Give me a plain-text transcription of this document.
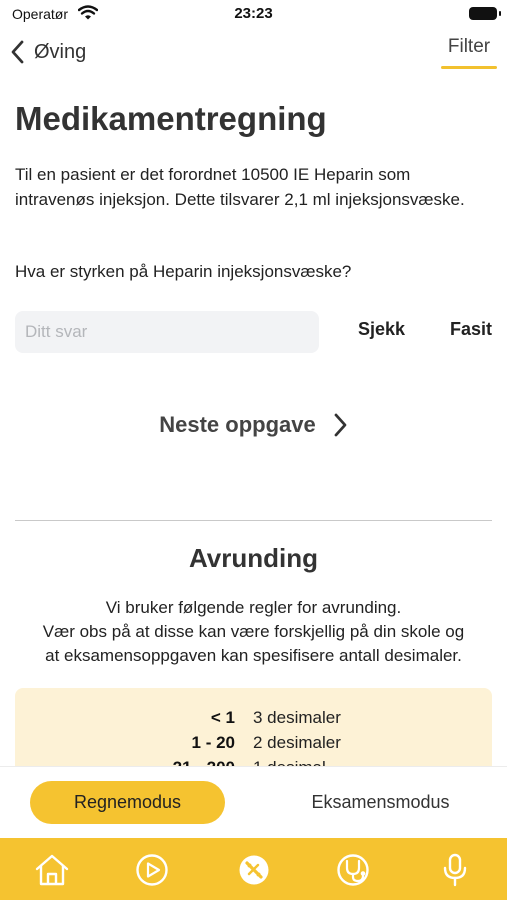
Operatør	23:23
Øving	Filter
Medikamentregning

Til en pasient er det forordnet 10500 IE Heparin som intravenøs injeksjon. Dette tilsvarer 2,1 ml injeksjonsvæske.

Hva er styrken på Heparin injeksjonsvæske?

Ditt svar
Sjekk Fasit
Neste oppgave
Avrunding
Vi bruker følgende regler for avrunding.
Vær obs på at disse kan være forskjellig på din skole og
at eksamensoppgaven kan spesifisere antall desimaler.
< 1 3 desimaler
1 - 20 2 desimaler
Regnemodus	Eksamensmodus
